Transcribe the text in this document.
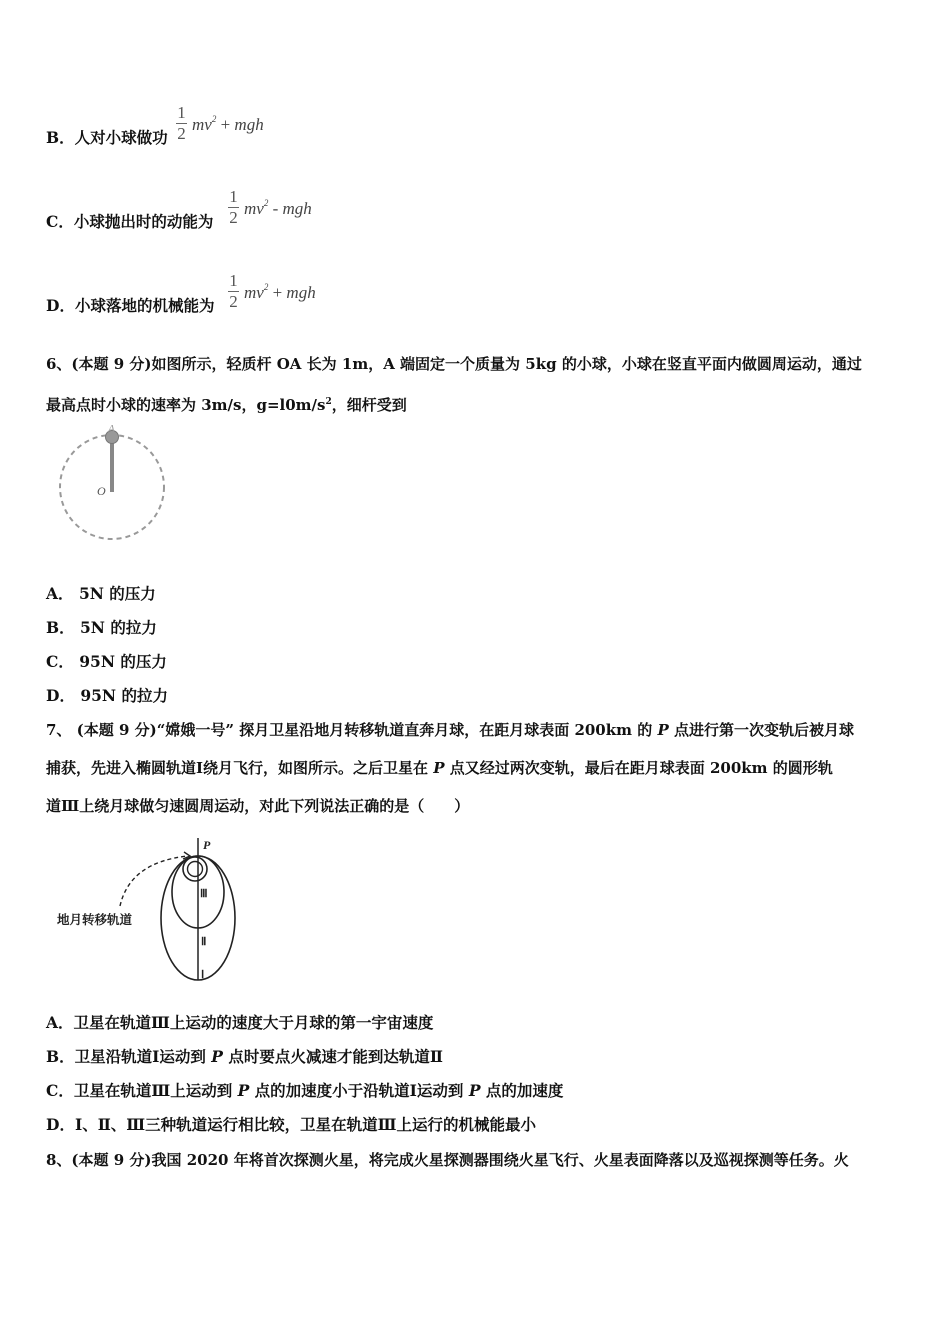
B．人对小球做功
1
2 $mv^2$ + mgh
C．小球抛出时的动能为
1
2 $mv^2$ - mgh
D．小球落地的机械能为
1
2 $mv^2$ + mgh
6、(本题 9 分)如图所示，轻质杆 OA 长为 1m，A 端固定一个质量为 5kg 的小球，小球在竖直平面内做圆周运动，通过
最高点时小球的速率为 3m/s，$g=l0m/s^2$，细杆受到
A
O
A． 5N 的压力
B． 5N 的拉力
C． 95N 的压力
D． 95N 的拉力
7、 (本题 9 分)“嫦娥一号” 探月卫星沿地月转移轨道直奔月球，在距月球表面 200km 的 P 点进行第一次变轨后被月球
捕获，先进入椭圆轨道Ⅰ绕月飞行，如图所示。之后卫星在 P 点又经过两次变轨，最后在距月球表面 200km 的圆形轨
道Ⅲ上绕月球做匀速圆周运动，对此下列说法正确的是（　　）
P
地月转移轨道
Ⅲ
Ⅱ
Ⅰ
A．卫星在轨道Ⅲ上运动的速度大于月球的第一宇宙速度
B．卫星沿轨道Ⅰ运动到 P 点时要点火减速才能到达轨道Ⅱ
C．卫星在轨道Ⅲ上运动到 P 点的加速度小于沿轨道Ⅰ运动到 P 点的加速度
D．Ⅰ、Ⅱ、Ⅲ三种轨道运行相比较，卫星在轨道Ⅲ上运行的机械能最小
8、(本题 9 分)我国 2020 年将首次探测火星，将完成火星探测器围绕火星飞行、火星表面降落以及巡视探测等任务。火
